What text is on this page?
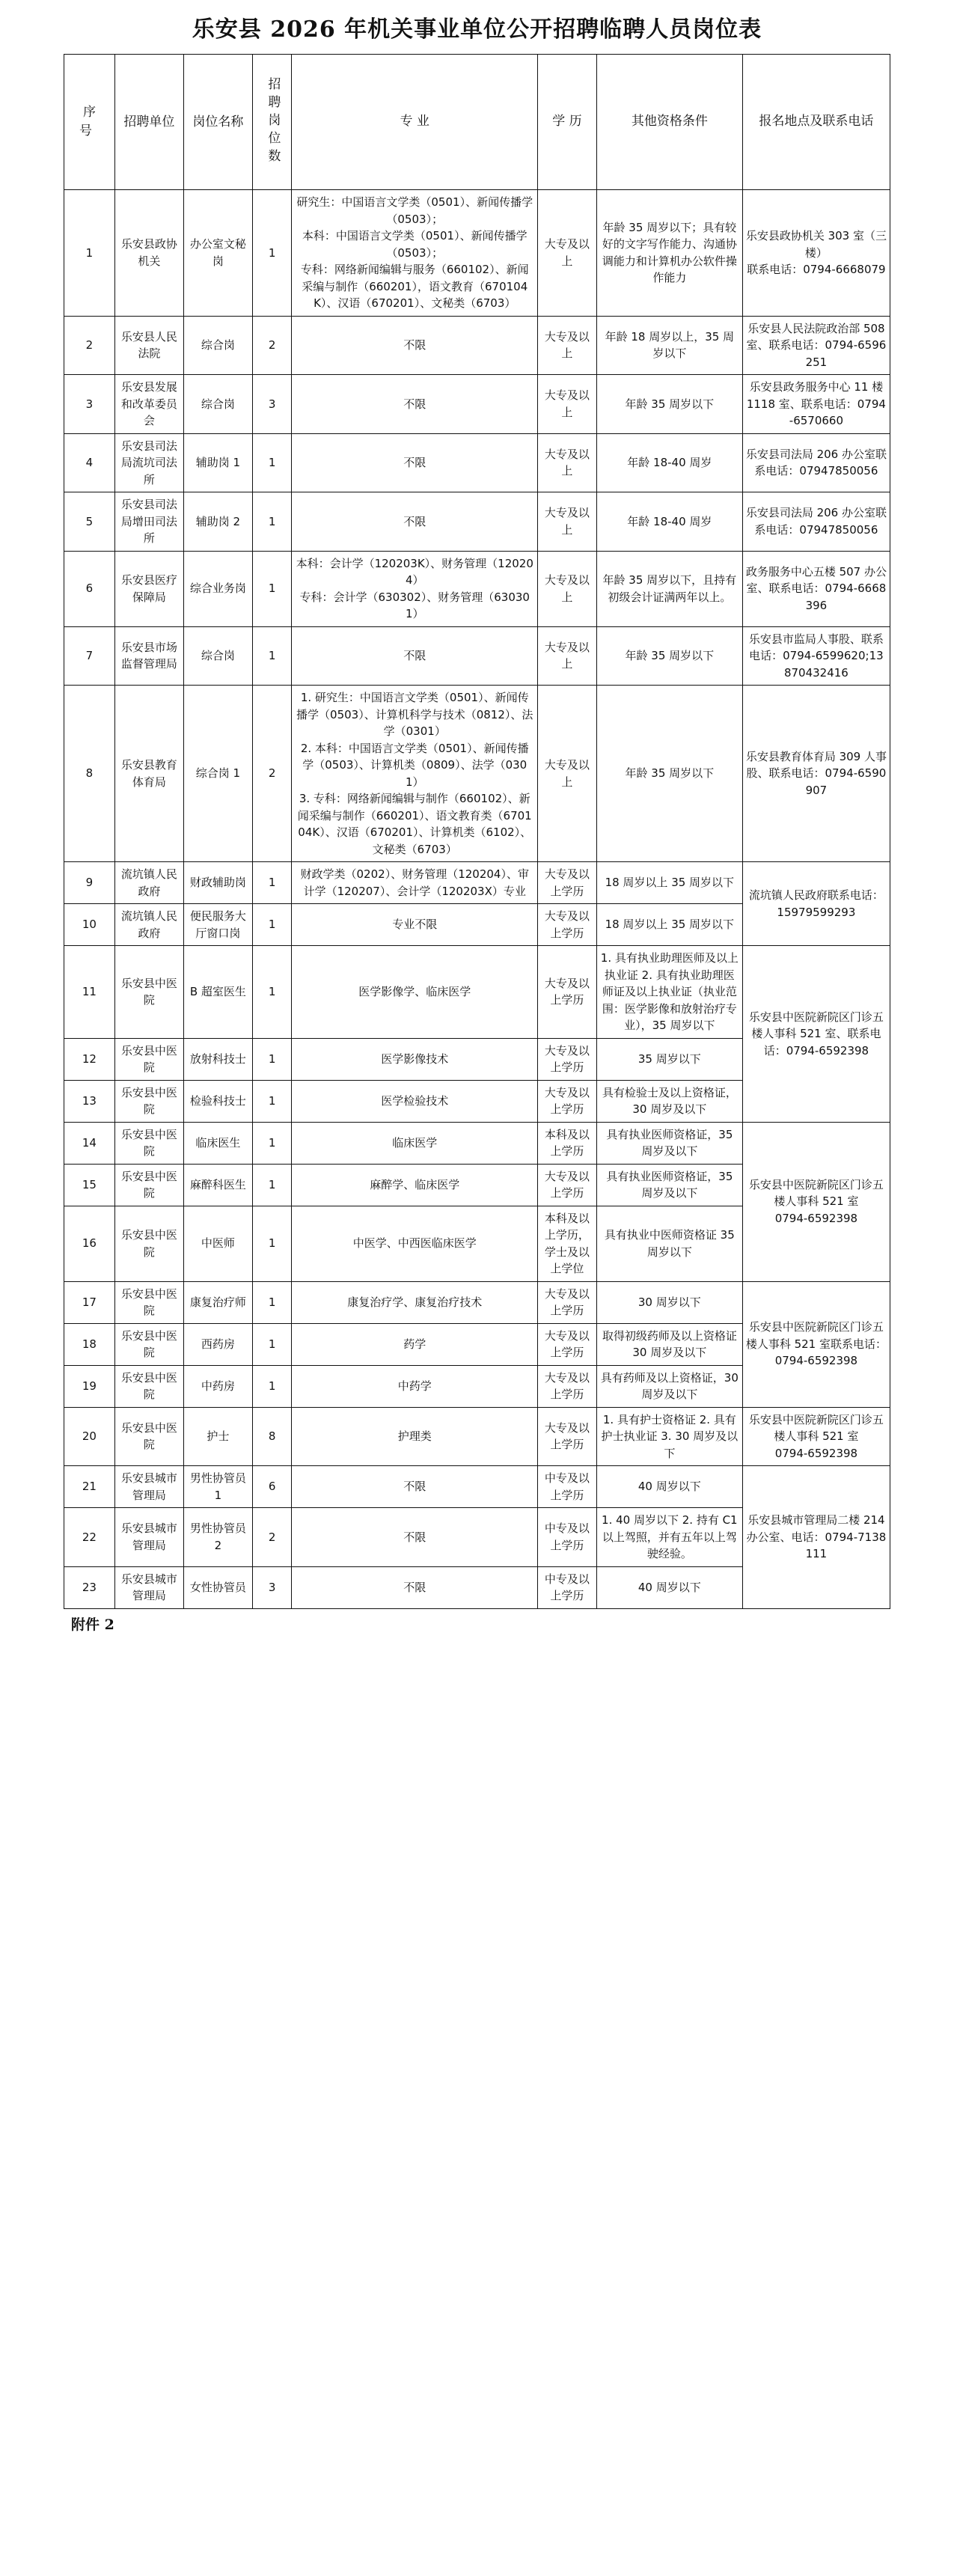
乐安县 2026 年机关事业单位公开招聘临聘人员岗位表
序 号	招聘单位	岗位名称	招聘岗位数	专 业	学 历	其他资格条件	报名地点及联系电话
1	乐安县政协机关	办公室文秘岗	1	研究生：中国语言文学类（0501）、新闻传播学（0503）；
本科：中国语言文学类（0501）、新闻传播学（0503）；
专科：网络新闻编辑与服务（660102）、新闻采编与制作（660201），语文教育（670104K）、汉语（670201）、文秘类（6703）	大专及以上	年龄 35 周岁以下；具有较好的文字写作能力、沟通协调能力和计算机办公软件操作能力	乐安县政协机关 303 室（三楼）
联系电话：0794-6668079
2	乐安县人民法院	综合岗	2	不限	大专及以上	年龄 18 周岁以上，35 周岁以下	乐安县人民法院政治部 508 室、联系电话：0794-6596251
3	乐安县发展和改革委员会	综合岗	3	不限	大专及以上	年龄 35 周岁以下	乐安县政务服务中心 11 楼 1118 室、联系电话：0794-6570660
4	乐安县司法局流坑司法所	辅助岗 1	1	不限	大专及以上	年龄 18-40 周岁	乐安县司法局 206 办公室联系电话：07947850056
5	乐安县司法局增田司法所	辅助岗 2	1	不限	大专及以上	年龄 18-40 周岁	乐安县司法局 206 办公室联系电话：07947850056
6	乐安县医疗保障局	综合业务岗	1	本科：会计学（120203K）、财务管理（120204）
专科：会计学（630302）、财务管理（630301）	大专及以上	年龄 35 周岁以下，且持有初级会计证满两年以上。	政务服务中心五楼 507 办公室、联系电话：0794-6668396
7	乐安县市场监督管理局	综合岗	1	不限	大专及以上	年龄 35 周岁以下	乐安县市监局人事股、联系电话：0794-6599620;13870432416
8	乐安县教育体育局	综合岗 1	2	1. 研究生：中国语言文学类（0501）、新闻传播学（0503）、计算机科学与技术（0812）、法学（0301）
2. 本科：中国语言文学类（0501）、新闻传播学（0503）、计算机类（0809）、法学（0301）
3. 专科：网络新闻编辑与制作（660102）、新闻采编与制作（660201）、语文教育类（670104K）、汉语（670201）、计算机类（6102）、文秘类（6703）	大专及以上	年龄 35 周岁以下	乐安县教育体育局 309 人事股、联系电话：0794-6590907
9	流坑镇人民政府	财政辅助岗	1	财政学类（0202）、财务管理（120204）、审计学（120207）、会计学（120203X）专业	大专及以上学历	18 周岁以上 35 周岁以下	流坑镇人民政府联系电话：15979599293
10	流坑镇人民政府	便民服务大厅窗口岗	1	专业不限	大专及以上学历	18 周岁以上 35 周岁以下	
11	乐安县中医院	B 超室医生	1	医学影像学、临床医学	大专及以上学历	1. 具有执业助理医师及以上执业证 2. 具有执业助理医师证及以上执业证（执业范围：医学影像和放射治疗专业），35 周岁以下	乐安县中医院新院区门诊五楼人事科 521 室、联系电话：0794-6592398
12	乐安县中医院	放射科技士	1	医学影像技术	大专及以上学历	35 周岁以下	
13	乐安县中医院	检验科技士	1	医学检验技术	大专及以上学历	具有检验士及以上资格证，30 周岁及以下	
14	乐安县中医院	临床医生	1	临床医学	本科及以上学历	具有执业医师资格证，35 周岁及以下	乐安县中医院新院区门诊五楼人事科 521 室
0794-6592398
15	乐安县中医院	麻醉科医生	1	麻醉学、临床医学	大专及以上学历	具有执业医师资格证，35 周岁及以下	
16	乐安县中医院	中医师	1	中医学、中西医临床医学	本科及以上学历，学士及以上学位	具有执业中医师资格证 35 周岁以下	
17	乐安县中医院	康复治疗师	1	康复治疗学、康复治疗技术	大专及以上学历	30 周岁以下	乐安县中医院新院区门诊五楼人事科 521 室联系电话：0794-6592398
18	乐安县中医院	西药房	1	药学	大专及以上学历	取得初级药师及以上资格证 30 周岁及以下	
19	乐安县中医院	中药房	1	中药学	大专及以上学历	具有药师及以上资格证，30 周岁及以下	
20	乐安县中医院	护士	8	护理类	大专及以上学历	1. 具有护士资格证 2. 具有护士执业证 3. 30 周岁及以下	乐安县中医院新院区门诊五楼人事科 521 室
0794-6592398
21	乐安县城市管理局	男性协管员 1	6	不限	中专及以上学历	40 周岁以下	乐安县城市管理局二楼 214 办公室、电话：0794-7138111
22	乐安县城市管理局	男性协管员 2	2	不限	中专及以上学历	1. 40 周岁以下 2. 持有 C1 以上驾照，并有五年以上驾驶经验。	
23	乐安县城市管理局	女性协管员	3	不限	中专及以上学历	40 周岁以下	
附件 2
